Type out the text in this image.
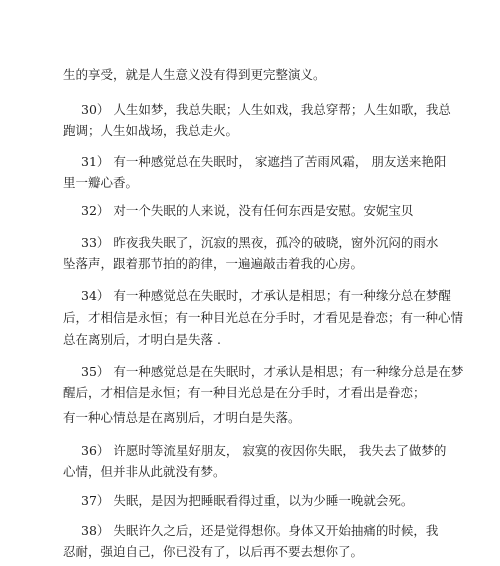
生的享受，就是人生意义没有得到更完整演义。
30） 人生如梦，我总失眠；人生如戏，我总穿帮；人生如歌，我总
跑调；人生如战场，我总走火。
31） 有一种感觉总在失眠时， 家遮挡了苦雨风霜， 朋友送来艳阳
里一瓣心香。
32） 对一个失眠的人来说，没有任何东西是安慰。安妮宝贝
33） 昨夜我失眠了，沉寂的黑夜，孤冷的破晓，窗外沉闷的雨水
坠落声，跟着那节拍的韵律，一遍遍敲击着我的心房。
34） 有一种感觉总在失眠时，才承认是相思；有一种缘分总在梦醒
后，才相信是永恒；有一种目光总在分手时，才看见是眷恋；有一种心情
总在离别后，才明白是失落 .
35） 有一种感觉总是在失眠时，才承认是相思；有一种缘分总是在梦
醒后，才相信是永恒；有一种目光总是在分手时，才看出是眷恋；
有一种心情总是在离别后，才明白是失落。
36） 许愿时等流星好朋友， 寂寞的夜因你失眠， 我失去了做梦的
心情，但并非从此就没有梦。
37） 失眠，是因为把睡眠看得过重，以为少睡一晚就会死。
38） 失眠许久之后，还是觉得想你。身体又开始抽痛的时候，我
忍耐，强迫自己，你已没有了，以后再不要去想你了。
